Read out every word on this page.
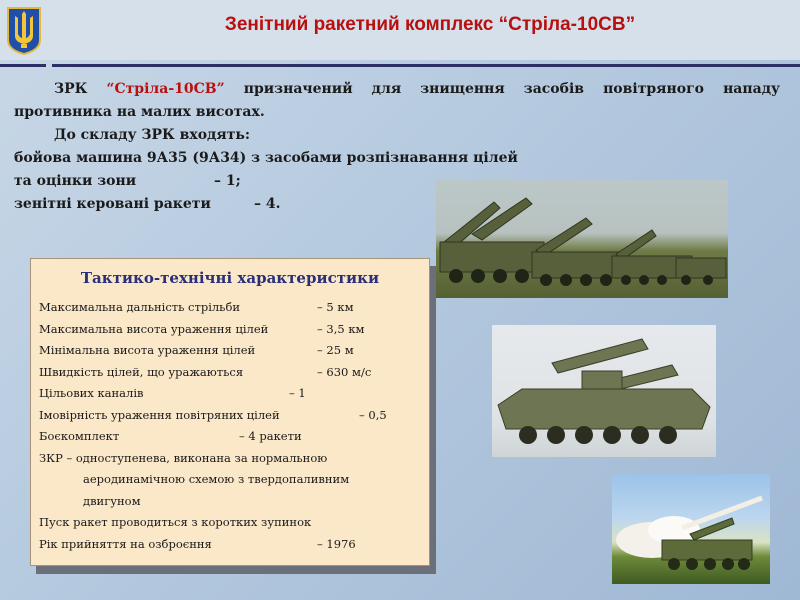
Зенітний ракетний комплекс “Стріла-10СВ”

ЗРК “Стріла-10СВ” призначений для знищення засобів повітряного нападу противника на малих висотах.

До складу ЗРК входять:

бойова машина 9А35 (9А34) з засобами розпізнавання цілей

та оцінки зони	– 1;

зенітні керовані ракети	– 4.

Тактико-технічні характеристики
Максимальна дальність стрільби	– 5 км
Максимальна висота ураження цілей	– 3,5 км
Мінімальна висота ураження цілей	– 25 м
Швидкість цілей, що уражаються	– 630 м/с
Цільових каналів	– 1
Імовірність ураження повітряних цілей	– 0,5
Боєкомплект	– 4 ракети
ЗКР – одноступенева, виконана за нормальною
аеродинамічною схемою з твердопаливним
двигуном
Пуск ракет проводиться з коротких зупинок
Рік прийняття на озброєння	– 1976
